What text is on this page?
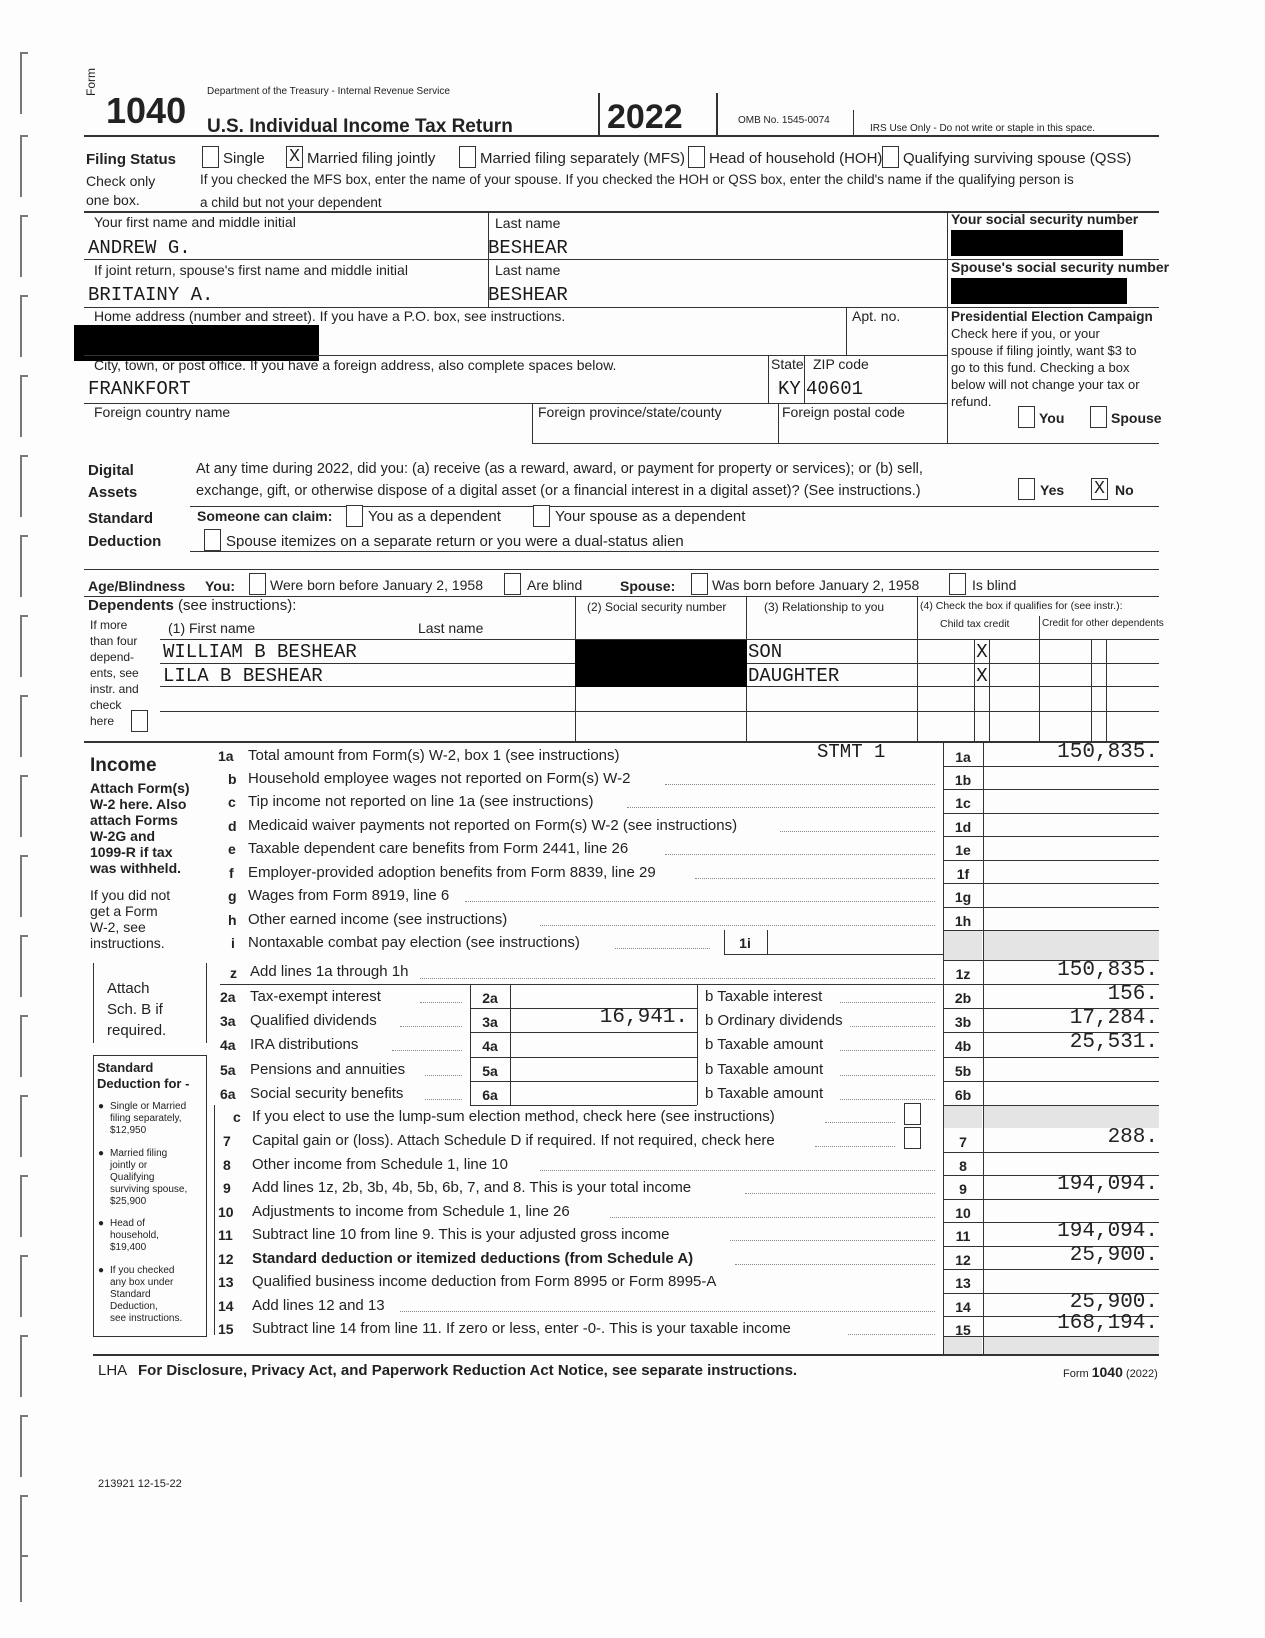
Form
1040 Department of the Treasury - Internal Revenue Service
U.S. Individual Income Tax Return	2022	OMB No. 1545-0074
IRS Use Only - Do not write or staple in this space.
Filing Status
Check only
one box.
Single X Married filing jointly	Married filing separately (MFS) Head of household (HOH) Qualifying surviving spouse (QSS)
If you checked the MFS box, enter the name of your spouse. If you checked the HOH or QSS box, enter the child's name if the qualifying person is
a child but not your dependent
Your first name and middle initial	Last name
ANDREW G.	BESHEAR
Your social security number
If joint return, spouse's first name and middle initial	Last name
BRITAINY A.	BESHEAR
Spouse's social security number
Home address (number and street). If you have a P.O. box, see instructions.	Apt. no.
City, town, or post office. If you have a foreign address, also complete spaces below.	State ZIP code
FRANKFORT	KY 40601
Foreign country name	Foreign province/state/county	Foreign postal code
Presidential Election Campaign
Check here if you, or your
spouse if filing jointly, want $3 to
go to this fund. Checking a box
below will not change your tax or
refund.
You	Spouse
Digital
Assets
At any time during 2022, did you: (a) receive (as a reward, award, or payment for property or services); or (b) sell,
exchange, gift, or otherwise dispose of a digital asset (or a financial interest in a digital asset)? (See instructions.)	Yes X No
Standard
Deduction
Someone can claim: You as a dependent	Your spouse as a dependent
Spouse itemizes on a separate return or you were a dual-status alien
Age/Blindness You: Were born before January 2, 1958	Are blind	Spouse:	Was born before January 2, 1958	Is blind
Dependents (see instructions):
If more
than four
depend-
ents, see
instr. and
check
here
(1) First name	Last name
(2) Social security number	(3) Relationship to you	(4) Check the box if qualifies for (see instr.):
Child tax credit	Credit for other dependents
WILLIAM B BESHEAR	SON	X
LILA B BESHEAR	DAUGHTER	X
Income
Attach Form(s)
W-2 here. Also
attach Forms
W-2G and
1099-R if tax
was withheld.
If you did not
get a Form
W-2, see
instructions.
Attach
Sch. B if
required.
Standard
Deduction for -
● Single or Married
filing separately,
$12,950
● Married filing
jointly or
Qualifying
surviving spouse,
$25,900
● Head of
household,
$19,400
● If you checked
any box under
Standard
Deduction,
see instructions.
1a Total amount from Form(s) W-2, box 1 (see instructions)	STMT 1	1a	150,835.
b Household employee wages not reported on Form(s) W-2	1b
c Tip income not reported on line 1a (see instructions)	1c
d Medicaid waiver payments not reported on Form(s) W-2 (see instructions)	1d
e Taxable dependent care benefits from Form 2441, line 26	1e
f Employer-provided adoption benefits from Form 8839, line 29	1f
g Wages from Form 8919, line 6	1g
h Other earned income (see instructions)	1h
i Nontaxable combat pay election (see instructions)	1i
z Add lines 1a through 1h	1z	150,835.
2a Tax-exempt interest	2a	b Taxable interest	2b	156.
3a Qualified dividends	3a	16,941. b Ordinary dividends	3b	17,284.
4a IRA distributions	4a	b Taxable amount	4b	25,531.
5a Pensions and annuities	5a	b Taxable amount	5b
6a Social security benefits	6a	b Taxable amount	6b
c If you elect to use the lump-sum election method, check here (see instructions)
7 Capital gain or (loss). Attach Schedule D if required. If not required, check here	7	288.
8 Other income from Schedule 1, line 10	8
9 Add lines 1z, 2b, 3b, 4b, 5b, 6b, 7, and 8. This is your total income	9	194,094.
10 Adjustments to income from Schedule 1, line 26	10
11 Subtract line 10 from line 9. This is your adjusted gross income	11	194,094.
12 Standard deduction or itemized deductions (from Schedule A)	12	25,900.
13 Qualified business income deduction from Form 8995 or Form 8995-A	13
14 Add lines 12 and 13	14	25,900.
15 Subtract line 14 from line 11. If zero or less, enter -0-. This is your taxable income	15	168,194.
LHA For Disclosure, Privacy Act, and Paperwork Reduction Act Notice, see separate instructions.	Form 1040 (2022)
213921 12-15-22
